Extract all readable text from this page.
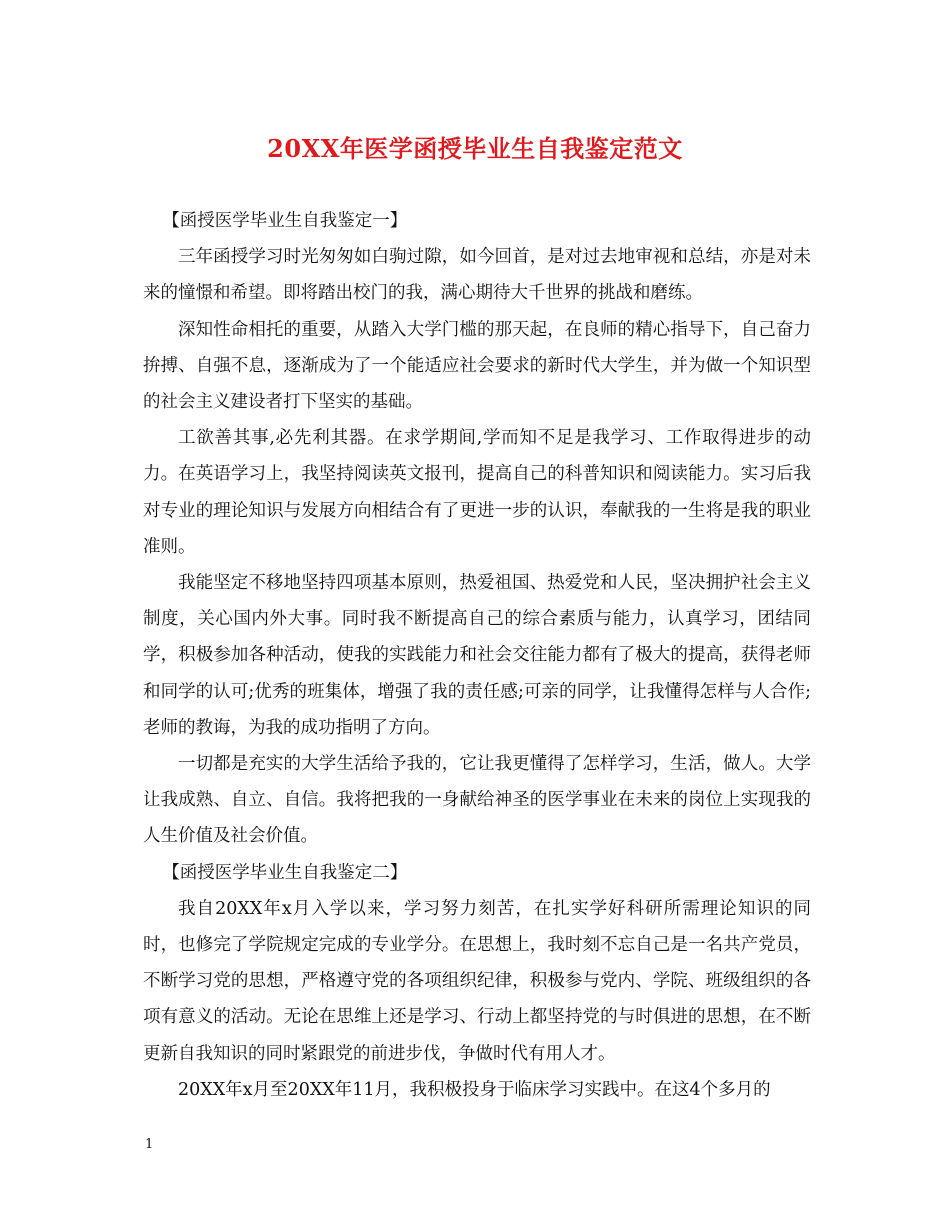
20XX年医学函授毕业生自我鉴定范文

【函授医学毕业生自我鉴定一】

三年函授学习时光匆匆如白驹过隙，如今回首，是对过去地审视和总结，亦是对未来的憧憬和希望。即将踏出校门的我，满心期待大千世界的挑战和磨练。

深知性命相托的重要，从踏入大学门槛的那天起，在良师的精心指导下，自己奋力拚搏、自强不息，逐渐成为了一个能适应社会要求的新时代大学生，并为做一个知识型的社会主义建设者打下坚实的基础。

工欲善其事,必先利其器。在求学期间,学而知不足是我学习、工作取得进步的动力。在英语学习上，我坚持阅读英文报刊，提高自己的科普知识和阅读能力。实习后我对专业的理论知识与发展方向相结合有了更进一步的认识，奉献我的一生将是我的职业准则。

我能坚定不移地坚持四项基本原则，热爱祖国、热爱党和人民，坚决拥护社会主义制度，关心国内外大事。同时我不断提高自己的综合素质与能力，认真学习，团结同学，积极参加各种活动，使我的实践能力和社会交往能力都有了极大的提高，获得老师和同学的认可;优秀的班集体，增强了我的责任感;可亲的同学，让我懂得怎样与人合作;老师的教诲，为我的成功指明了方向。

一切都是充实的大学生活给予我的，它让我更懂得了怎样学习，生活，做人。大学让我成熟、自立、自信。我将把我的一身献给神圣的医学事业在未来的岗位上实现我的人生价值及社会价值。

【函授医学毕业生自我鉴定二】

我自20XX年x月入学以来，学习努力刻苦，在扎实学好科研所需理论知识的同时，也修完了学院规定完成的专业学分。在思想上，我时刻不忘自己是一名共产党员，不断学习党的思想，严格遵守党的各项组织纪律，积极参与党内、学院、班级组织的各项有意义的活动。无论在思维上还是学习、行动上都坚持党的与时俱进的思想，在不断更新自我知识的同时紧跟党的前进步伐，争做时代有用人才。

20XX年x月至20XX年11月，我积极投身于临床学习实践中。在这4个多月的

1
